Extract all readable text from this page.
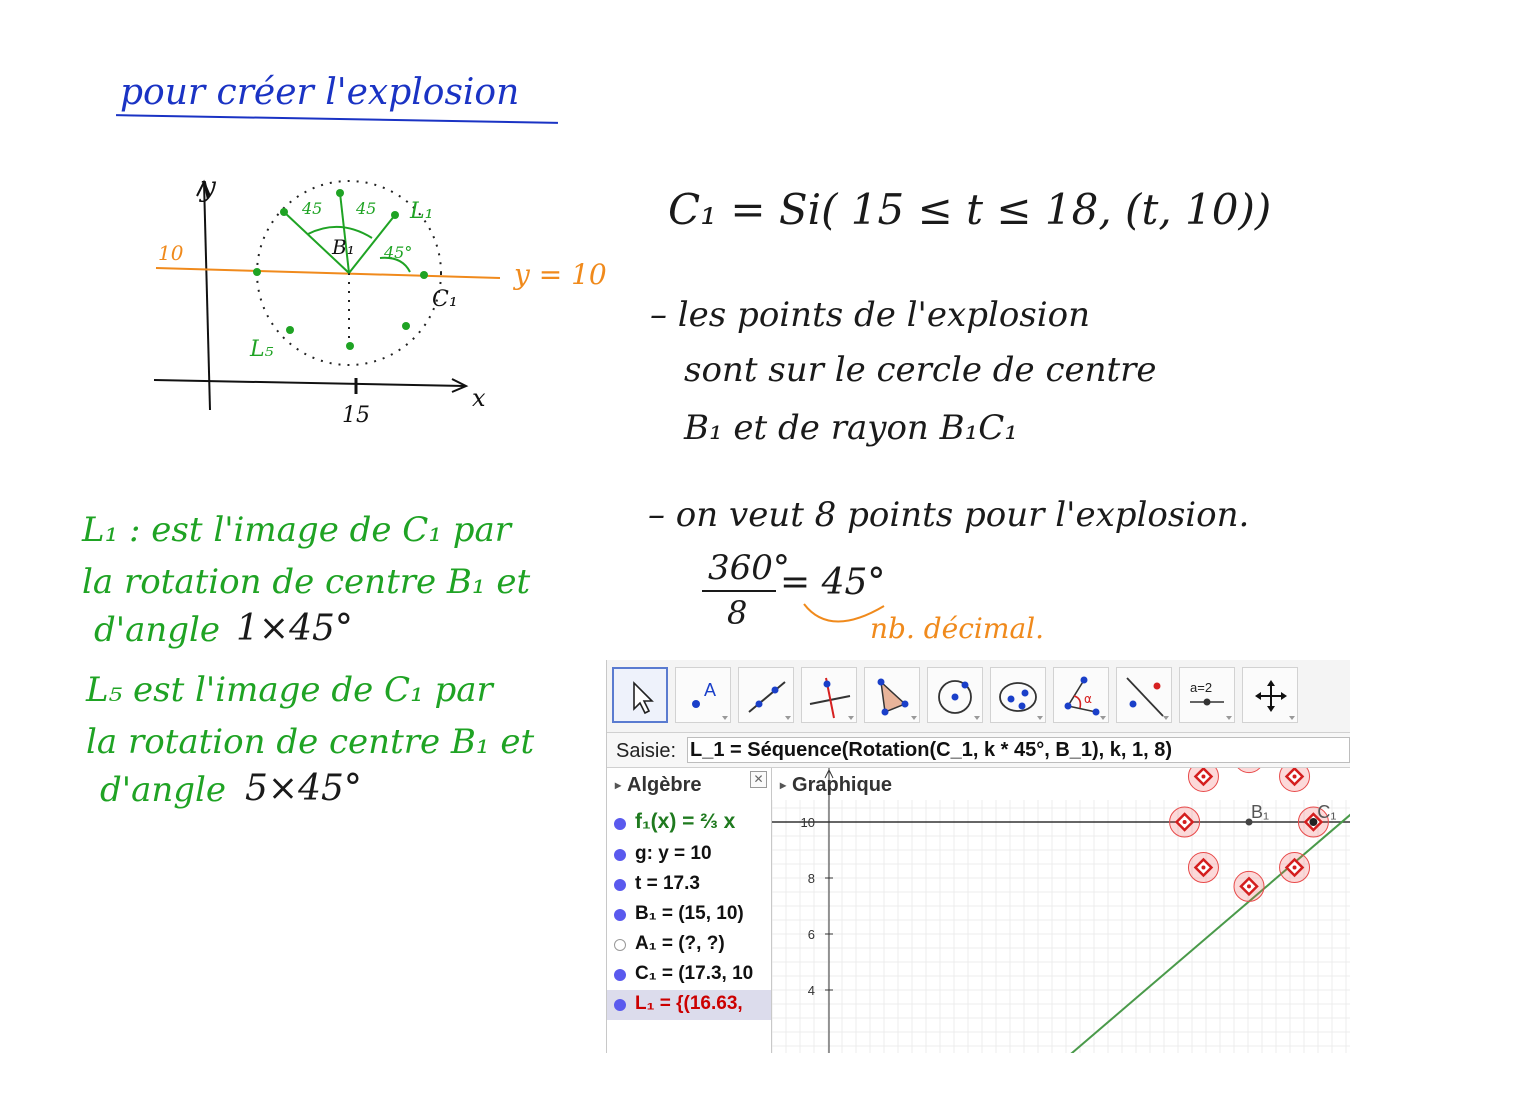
pour créer l'explosion
C₁ = Si( 15 ≤ t ≤ 18, (t, 10))
– les points de l'explosion
sont sur le cercle de centre
B₁ et de rayon B₁C₁
– on veut 8 points pour l'explosion.
360°
8
= 45°
nb. décimal.
L₁ : est l'image de C₁ par
la rotation de centre B₁ et
d'angle 1×45°
L₅ est l'image de C₁ par
la rotation de centre B₁ et
d'angle 5×45°
y
x
10
y = 10
15
B₁
C₁
L₁
L₅
45 45
45°
A	α
a=2
Saisie: L_1 = Séquence(Rotation(C_1, k * 45°, B_1), k, 1, 8)
▸ Algèbre	✕
f₁(x) = ⅔ x
g: y = 10
t = 17.3
B₁ = (15, 10)
A₁ = (?, ?)
C₁ = (17.3, 10
L₁ = {(16.63,
▸ Graphique
10
8
6
4
B₁	C₁
